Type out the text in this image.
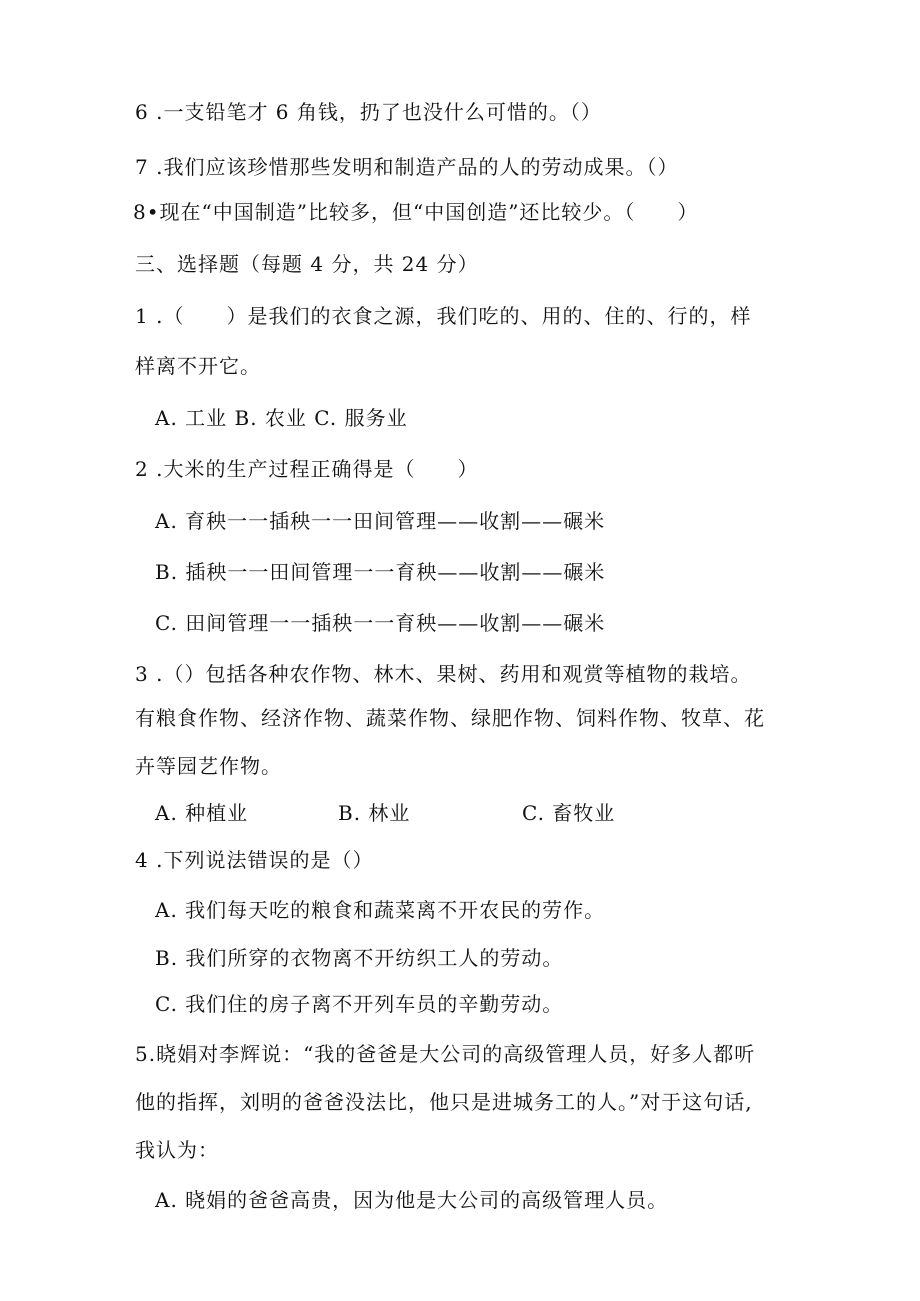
6 .一支铅笔才 6 角钱，扔了也没什么可惜的。（）
7 .我们应该珍惜那些发明和制造产品的人的劳动成果。（）
8•现在“中国制造”比较多，但“中国创造”还比较少。（　　）
三、选择题（每题 4 分，共 24 分）
1 .（　　）是我们的衣食之源，我们吃的、用的、住的、行的，样
样离不开它。
A. 工业 B. 农业 C. 服务业
2 .大米的生产过程正确得是（　　）
A. 育秧一一插秧一一田间管理——收割——碾米
B. 插秧一一田间管理一一育秧——收割——碾米
C. 田间管理一一插秧一一育秧——收割——碾米
3 .（）包括各种农作物、林木、果树、药用和观赏等植物的栽培。
有粮食作物、经济作物、蔬菜作物、绿肥作物、饲料作物、牧草、花
卉等园艺作物。
A. 种植业	B. 林业	C. 畜牧业
4 .下列说法错误的是（）
A. 我们每天吃的粮食和蔬菜离不开农民的劳作。
B. 我们所穿的衣物离不开纺织工人的劳动。
C. 我们住的房子离不开列车员的辛勤劳动。
5.晓娟对李辉说：“我的爸爸是大公司的高级管理人员，好多人都听
他的指挥，刘明的爸爸没法比，他只是进城务工的人。”对于这句话,
我认为：
A. 晓娟的爸爸高贵，因为他是大公司的高级管理人员。
